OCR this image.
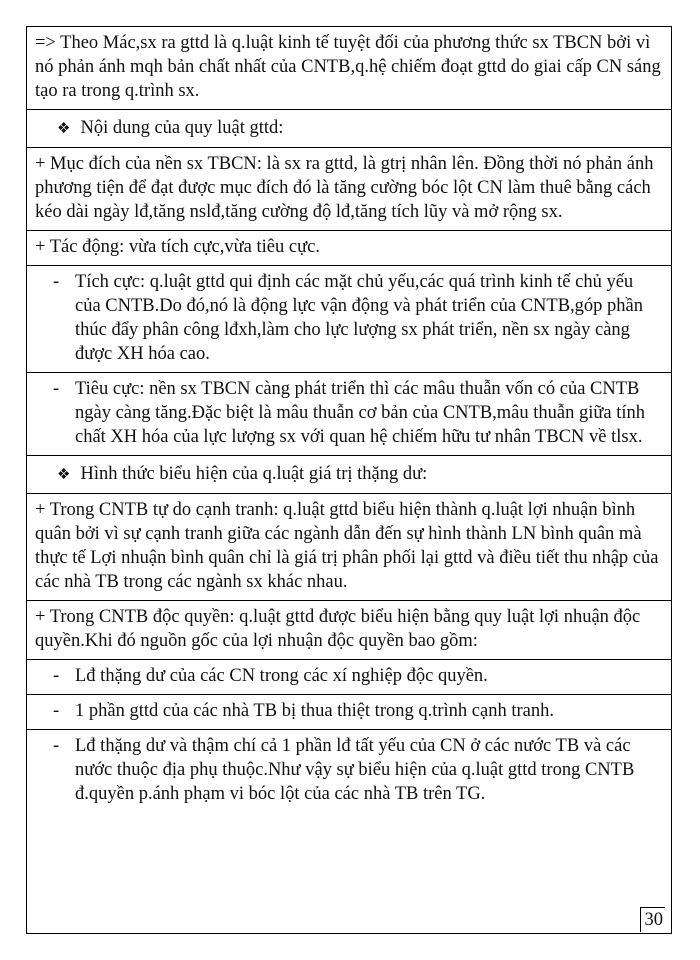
=> Theo Mác,sx ra gttd là q.luật kinh tế tuyệt đối của phương thức sx TBCN bởi vì nó phản ánh mqh bản chất nhất của CNTB,q.hệ chiếm đoạt gttd do giai cấp CN sáng tạo ra trong q.trình sx.
❖ Nội dung của quy luật gttd:
+ Mục đích của nền sx TBCN: là sx ra gttd, là gtrị nhân lên. Đồng thời nó phản ánh phương tiện để đạt được mục đích đó là tăng cường bóc lột CN làm thuê bằng cách kéo dài ngày lđ,tăng nslđ,tăng cường độ lđ,tăng tích lũy và mở rộng sx.
+ Tác động: vừa tích cực,vừa tiêu cực.
- Tích cực: q.luật gttd qui định các mặt chủ yếu,các quá trình kinh tế chủ yếu của CNTB.Do đó,nó là động lực vận động và phát triển của CNTB,góp phần thúc đẩy phân công lđxh,làm cho lực lượng sx phát triển, nền sx ngày càng được XH hóa cao.
- Tiêu cực: nền sx TBCN càng phát triển thì các mâu thuẫn vốn có của CNTB ngày càng tăng.Đặc biệt là mâu thuẫn cơ bản của CNTB,mâu thuẫn giữa tính chất XH hóa của lực lượng sx với quan hệ chiếm hữu tư nhân TBCN về tlsx.
❖ Hình thức biểu hiện của q.luật giá trị thặng dư:
+ Trong CNTB tự do cạnh tranh: q.luật gttd biểu hiện thành q.luật lợi nhuận bình quân bởi vì sự cạnh tranh giữa các ngành dẫn đến sự hình thành LN bình quân mà thực tế Lợi nhuận bình quân chỉ là giá trị phân phối lại gttd và điều tiết thu nhập của các nhà TB trong các ngành sx khác nhau.
+ Trong CNTB độc quyền: q.luật gttd được biểu hiện bằng quy luật lợi nhuận độc quyền.Khi đó nguồn gốc của lợi nhuận độc quyền bao gồm:
- Lđ thặng dư của các CN trong các xí nghiệp độc quyền.
- 1 phần gttd của các nhà TB bị thua thiệt trong q.trình cạnh tranh.
- Lđ thặng dư và thậm chí cả 1 phần lđ tất yếu của CN ở các nước TB và các nước thuộc địa phụ thuộc.Như vậy sự biểu hiện của q.luật gttd trong CNTB đ.quyền p.ánh phạm vi bóc lột của các nhà TB trên TG.
30
